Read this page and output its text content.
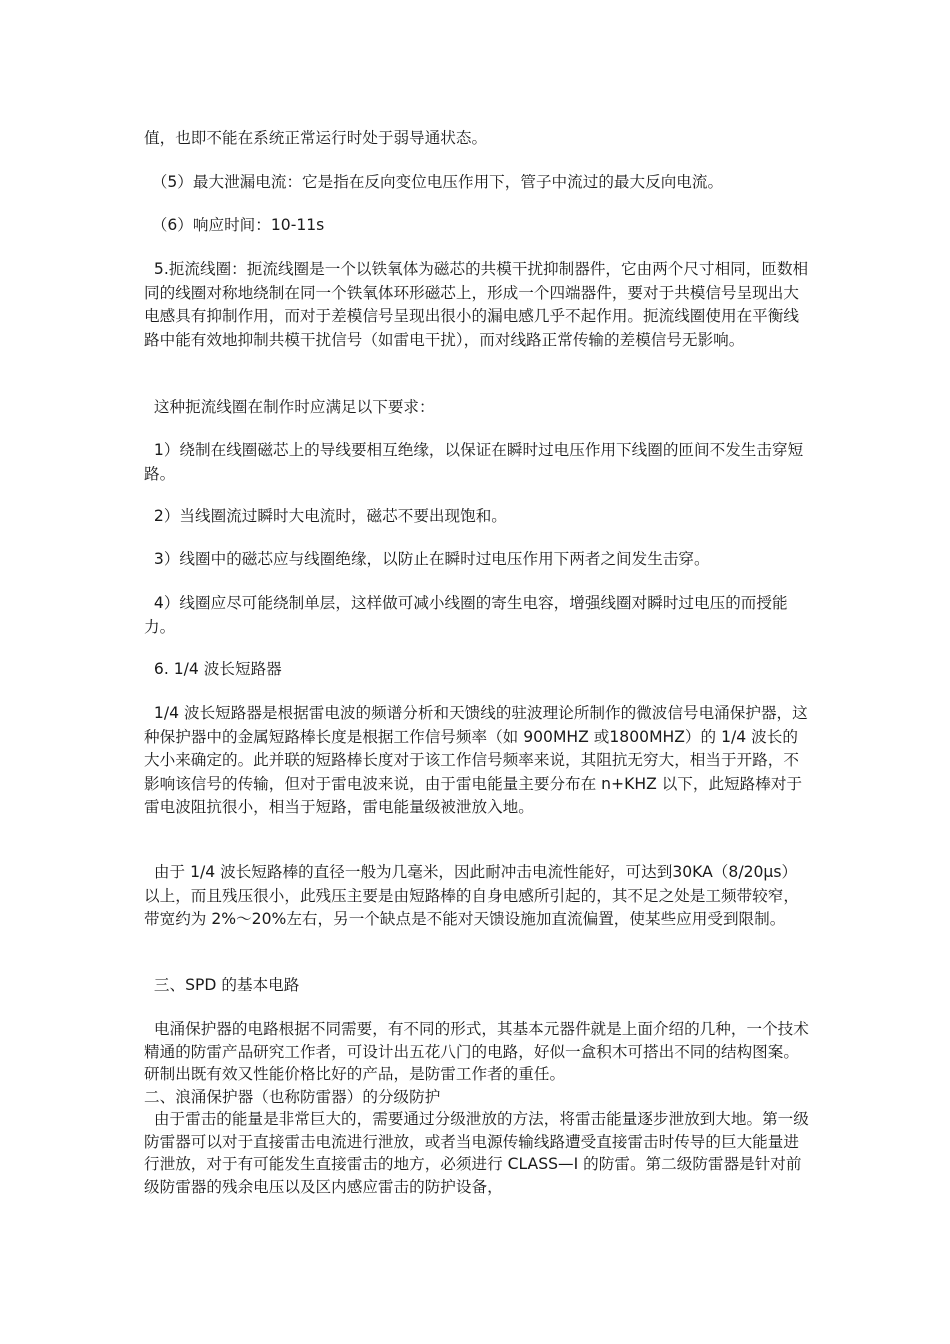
值，也即不能在系统正常运行时处于弱导通状态。

　（5）最大泄漏电流：它是指在反向变位电压作用下，管子中流过的最大反向电流。

　（6）响应时间：10-11s

5.扼流线圈：扼流线圈是一个以铁氧体为磁芯的共模干扰抑制器件，它由两个尺寸相同，匝数相同的线圈对称地绕制在同一个铁氧体环形磁芯上，形成一个四端器件，要对于共模信号呈现出大电感具有抑制作用，而对于差模信号呈现出很小的漏电感几乎不起作用。扼流线圈使用在平衡线路中能有效地抑制共模干扰信号（如雷电干扰），而对线路正常传输的差模信号无影响。

这种扼流线圈在制作时应满足以下要求：

1）绕制在线圈磁芯上的导线要相互绝缘，以保证在瞬时过电压作用下线圈的匝间不发生击穿短路。

2）当线圈流过瞬时大电流时，磁芯不要出现饱和。

3）线圈中的磁芯应与线圈绝缘，以防止在瞬时过电压作用下两者之间发生击穿。

4）线圈应尽可能绕制单层，这样做可减小线圈的寄生电容，增强线圈对瞬时过电压的而授能力。

6. 1/4 波长短路器

1/4 波长短路器是根据雷电波的频谱分析和天馈线的驻波理论所制作的微波信号电涌保护器，这种保护器中的金属短路棒长度是根据工作信号频率（如 900MHZ 或1800MHZ）的 1/4 波长的大小来确定的。此并联的短路棒长度对于该工作信号频率来说，其阻抗无穷大，相当于开路，不影响该信号的传输，但对于雷电波来说，由于雷电能量主要分布在 n+KHZ 以下，此短路棒对于雷电波阻抗很小，相当于短路，雷电能量级被泄放入地。

由于 1/4 波长短路棒的直径一般为几毫米，因此耐冲击电流性能好，可达到30KA（8/20μs）以上，而且残压很小，此残压主要是由短路棒的自身电感所引起的，其不足之处是工频带较窄，带宽约为 2%～20%左右，另一个缺点是不能对天馈设施加直流偏置，使某些应用受到限制。

三、SPD 的基本电路

电涌保护器的电路根据不同需要，有不同的形式，其基本元器件就是上面介绍的几种，一个技术精通的防雷产品研究工作者，可设计出五花八门的电路，好似一盒积木可搭出不同的结构图案。研制出既有效又性能价格比好的产品，是防雷工作者的重任。
二、浪涌保护器（也称防雷器）的分级防护
由于雷击的能量是非常巨大的，需要通过分级泄放的方法，将雷击能量逐步泄放到大地。第一级防雷器可以对于直接雷击电流进行泄放，或者当电源传输线路遭受直接雷击时传导的巨大能量进行泄放，对于有可能发生直接雷击的地方，必须进行 CLASS—I 的防雷。第二级防雷器是针对前级防雷器的残余电压以及区内感应雷击的防护设备，
